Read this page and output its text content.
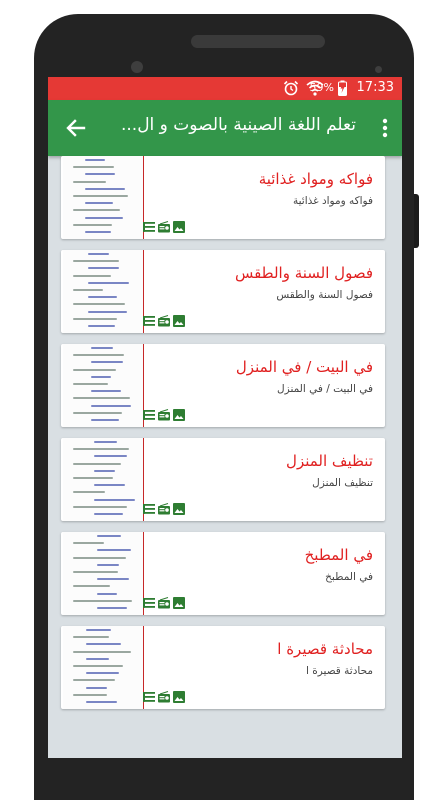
59% 17:33
تعلم اللغة الصينية بالصوت و ال...
فواكه ومواد غذائية
فواكه ومواد غذائية
فصول السنة والطقس
فصول السنة والطقس
في البيت / في المنزل
في البيت / في المنزل
تنظيف المنزل
تنظيف المنزل
في المطبخ
في المطبخ
محادثة قصيرة ا
محادثة قصيرة ا
